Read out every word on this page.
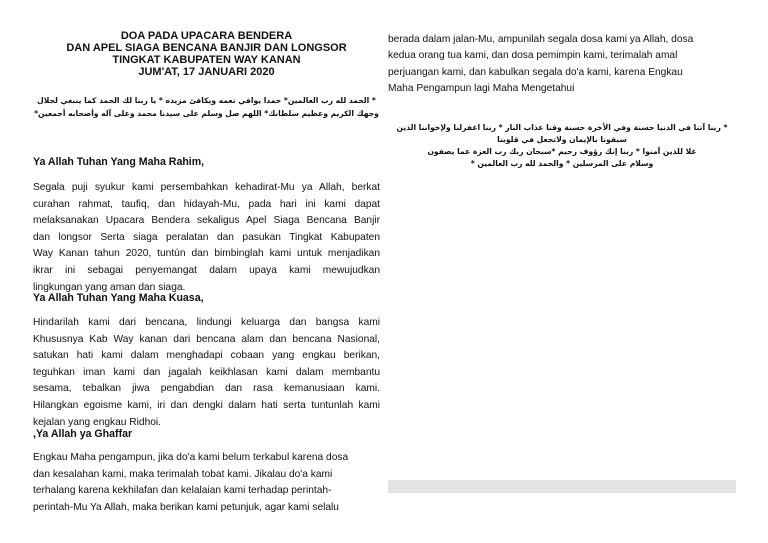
DOA PADA UPACARA BENDERA
DAN APEL SIAGA BENCANA BANJIR DAN LONGSOR
TINGKAT KABUPATEN WAY KANAN
JUM'AT, 17 JANUARI 2020
* الحمد لله رب العالمين* حمدا يوافي نعمه ويكافئ مزيده * يا ربنا لك الحمد كما ينبغي لجلال
وجهك الكريم وعظيم سلطانك* اللهم صل وسلم على سيدنا محمد وعلى آله وأصحابه أجمعين*
Ya Allah Tuhan Yang Maha Rahim,
Segala puji syukur kami persembahkan kehadirat-Mu ya Allah, berkat
curahan rahmat, taufiq, dan hidayah-Mu, pada hari ini kami dapat
melaksanakan Upacara Bendera sekaligus Apel Siaga Bencana Banjir
dan longsor Serta siaga peralatan dan pasukan Tingkat Kabupaten
Way Kanan tahun 2020, tuntún dan bimbinglah kami untuk menjadikan
ikrar ini sebagai penyemangat dalam upaya kami mewujudkan
lingkungan yang aman dan siaga.
Ya Allah Tuhan Yang Maha Kuasa,
Hindarilah kami dari bencana, lindungi keluarga dan bangsa kami
Khususnya Kab Way kanan dari bencana alam dan bencana Nasional,
satukan hati kami dalam menghadapi cobaan yang engkau berikan,
teguhkan iman kami dan jagalah keikhlasan kami dalam membantu
sesama, tebalkan jiwa pengabdian dan rasa kemanusiaan kami.
Hilangkan egoisme kami, iri dan dengki dalam hati serta tuntunlah kami
kejalan yang engkau Ridhoi.
,Ya Allah ya Ghaffar
Engkau Maha pengampun, jika do'a kami belum terkabul karena dosa
dan kesalahan kami, maka terimalah tobat kami. Jikalau do'a kami
terhalang karena kekhilafan dan kelalaian kami terhadap perintah-
perintah-Mu Ya Allah, maka berikan kami petunjuk, agar kami selalu
berada dalam jalan-Mu, ampunilah segala dosa kami ya Allah, dosa
kedua orang tua kami, dan dosa pemimpin kami, terimalah amal
perjuangan kami, dan kabulkan segala do'a kami, karena Engkau
Maha Pengampun lagi Maha Mengetahui
* ربنا آتنا فى الدنيا حسنة وفي الأخرة حسنة وقنا عذاب النار * ربنا اغفرلنا ولإخواننا الذين
سبقونا بالإيمان ولاتجعل في قلوبنا
غلا للذين آمنوا * ربنا إنك رؤوف رحيم *سبحان ربك رب العزة عما يصفون
وسلام على المرسلين * والحمد لله رب العالمين *
